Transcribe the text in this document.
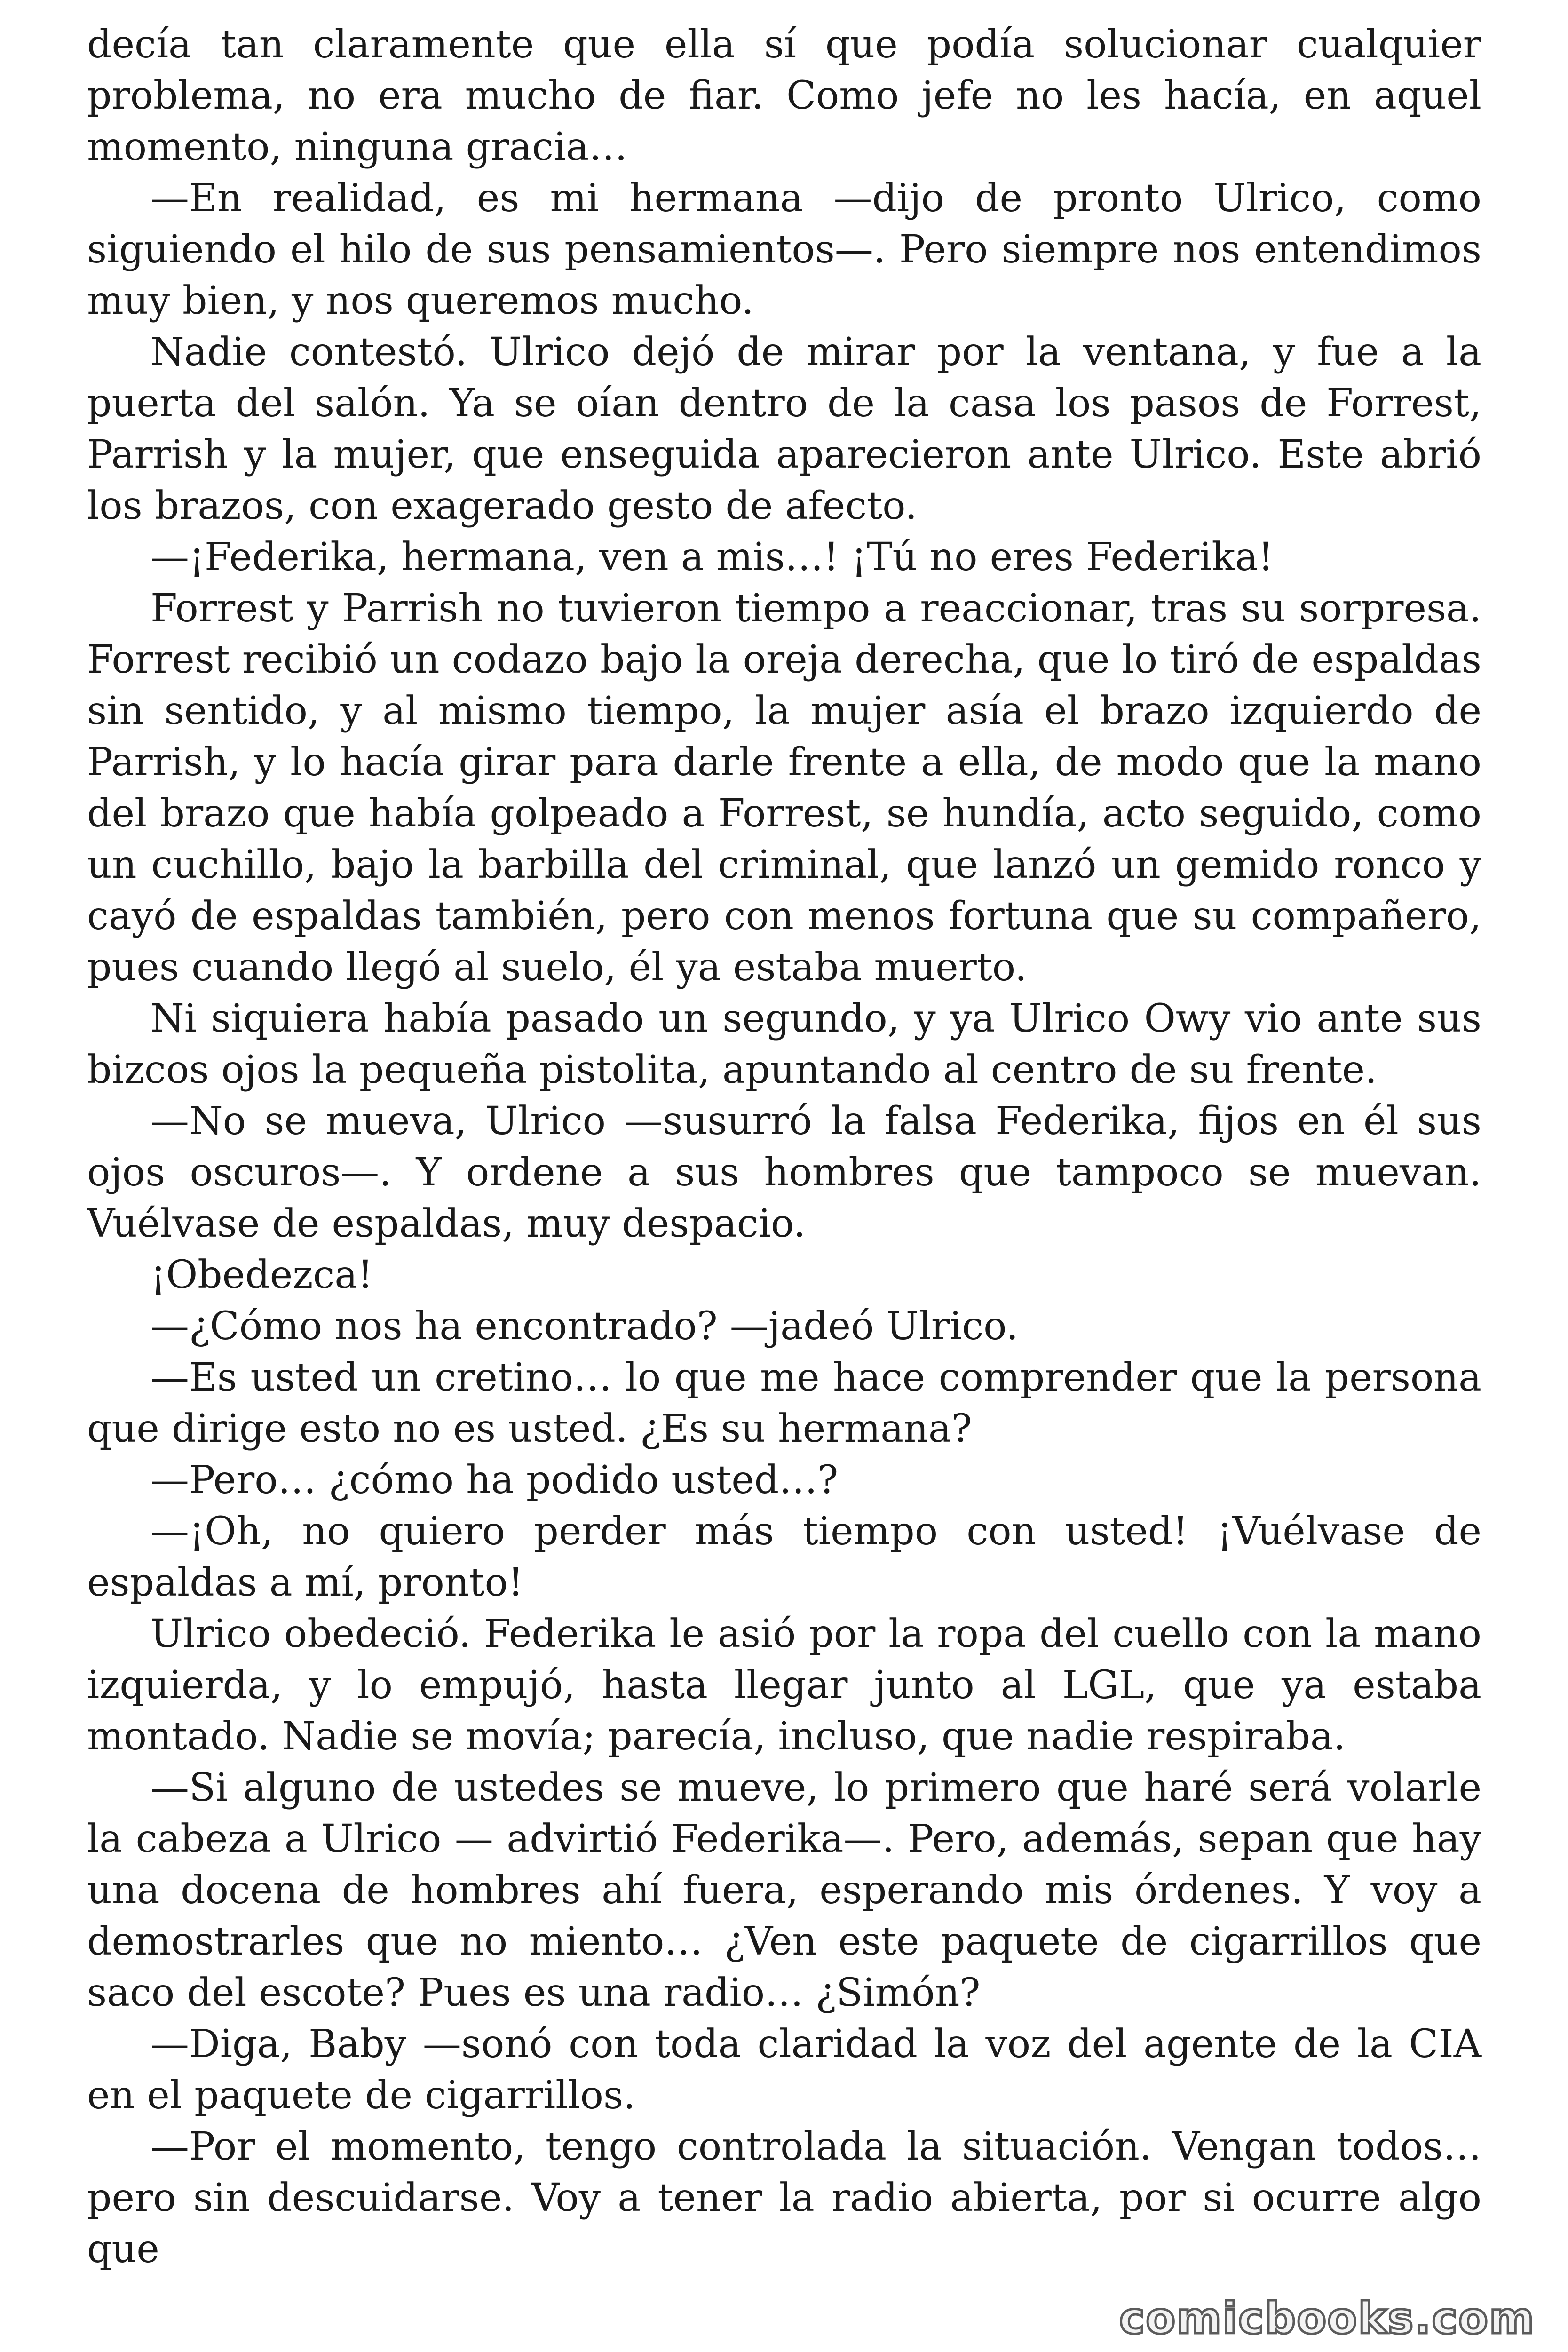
decía tan claramente que ella sí que podía solucionar cualquier problema, no era mucho de fiar. Como jefe no les hacía, en aquel momento, ninguna gracia…

—En realidad, es mi hermana —dijo de pronto Ulrico, como siguiendo el hilo de sus pensamientos—. Pero siempre nos entendimos muy bien, y nos queremos mucho.

Nadie contestó. Ulrico dejó de mirar por la ventana, y fue a la puerta del salón. Ya se oían dentro de la casa los pasos de Forrest, Parrish y la mujer, que enseguida aparecieron ante Ulrico. Este abrió los brazos, con exagerado gesto de afecto.

—¡Federika, hermana, ven a mis…! ¡Tú no eres Federika!

Forrest y Parrish no tuvieron tiempo a reaccionar, tras su sorpresa. Forrest recibió un codazo bajo la oreja derecha, que lo tiró de espaldas sin sentido, y al mismo tiempo, la mujer asía el brazo izquierdo de Parrish, y lo hacía girar para darle frente a ella, de modo que la mano del brazo que había golpeado a Forrest, se hundía, acto seguido, como un cuchillo, bajo la barbilla del criminal, que lanzó un gemido ronco y cayó de espaldas también, pero con menos fortuna que su compañero, pues cuando llegó al suelo, él ya estaba muerto.

Ni siquiera había pasado un segundo, y ya Ulrico Owy vio ante sus bizcos ojos la pequeña pistolita, apuntando al centro de su frente.

—No se mueva, Ulrico —susurró la falsa Federika, fijos en él sus ojos oscuros—. Y ordene a sus hombres que tampoco se muevan. Vuélvase de espaldas, muy despacio.

¡Obedezca!

—¿Cómo nos ha encontrado? —jadeó Ulrico.

—Es usted un cretino… lo que me hace comprender que la persona que dirige esto no es usted. ¿Es su hermana?

—Pero… ¿cómo ha podido usted…?

—¡Oh, no quiero perder más tiempo con usted! ¡Vuélvase de espaldas a mí, pronto!

Ulrico obedeció. Federika le asió por la ropa del cuello con la mano izquierda, y lo empujó, hasta llegar junto al LGL, que ya estaba montado. Nadie se movía; parecía, incluso, que nadie respiraba.

—Si alguno de ustedes se mueve, lo primero que haré será volarle la cabeza a Ulrico — advirtió Federika—. Pero, además, sepan que hay una docena de hombres ahí fuera, esperando mis órdenes. Y voy a demostrarles que no miento… ¿Ven este paquete de cigarrillos que saco del escote? Pues es una radio… ¿Simón?

—Diga, Baby —sonó con toda claridad la voz del agente de la CIA en el paquete de cigarrillos.

—Por el momento, tengo controlada la situación. Vengan todos… pero sin descuidarse. Voy a tener la radio abierta, por si ocurre algo que

comicbooks.com
